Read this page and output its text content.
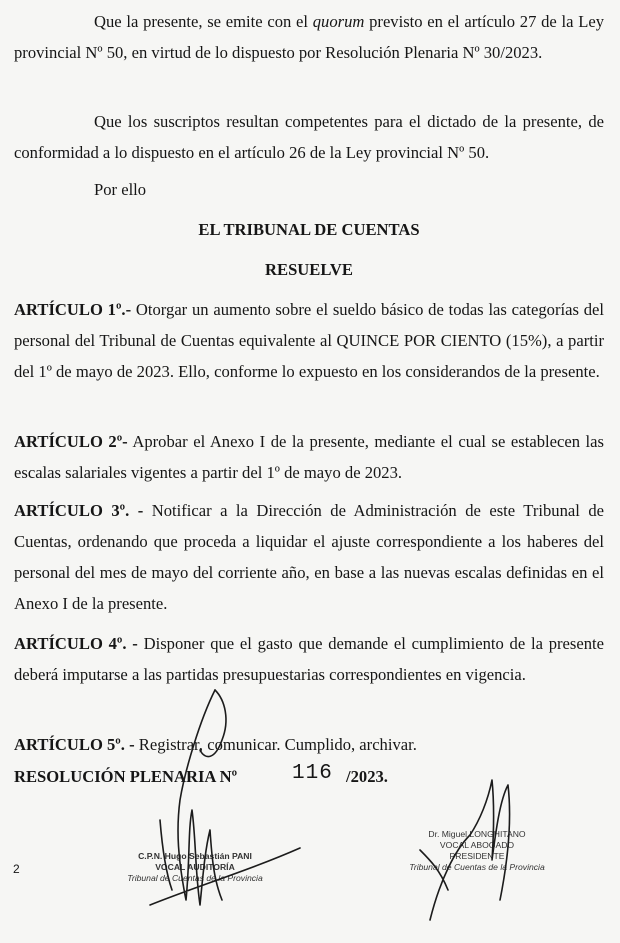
Que la presente, se emite con el quorum previsto en el artículo 27 de la Ley provincial Nº 50, en virtud de lo dispuesto por Resolución Plenaria Nº 30/2023.

Que los suscriptos resultan competentes para el dictado de la presente, de conformidad a lo dispuesto en el artículo 26 de la Ley provincial Nº 50.

Por ello

EL TRIBUNAL DE CUENTAS

RESUELVE

ARTÍCULO 1º.- Otorgar un aumento sobre el sueldo básico de todas las categorías del personal del Tribunal de Cuentas equivalente al QUINCE POR CIENTO (15%), a partir del 1º de mayo de 2023. Ello, conforme lo expuesto en los considerandos de la presente.

ARTÍCULO 2º- Aprobar el Anexo I de la presente, mediante el cual se establecen las escalas salariales vigentes a partir del 1º de mayo de 2023.

ARTÍCULO 3º. - Notificar a la Dirección de Administración de este Tribunal de Cuentas, ordenando que proceda a liquidar el ajuste correspondiente a los haberes del personal del mes de mayo del corriente año, en base a las nuevas escalas definidas en el Anexo I de la presente.

ARTÍCULO 4º. - Disponer que el gasto que demande el cumplimiento de la presente deberá imputarse a las partidas presupuestarias correspondientes en vigencia.

ARTÍCULO 5º. - Registrar, comunicar. Cumplido, archivar.

RESOLUCIÓN PLENARIA Nº	116 /2023.
2
C.P.N. Hugo Sebastián PANI
VOCAL AUDITORÍA
Tribunal de Cuentas de la Provincia
Dr. Miguel LONGHITANO
VOCAL ABOGADO
PRESIDENTE
Tribunal de Cuentas de la Provincia
